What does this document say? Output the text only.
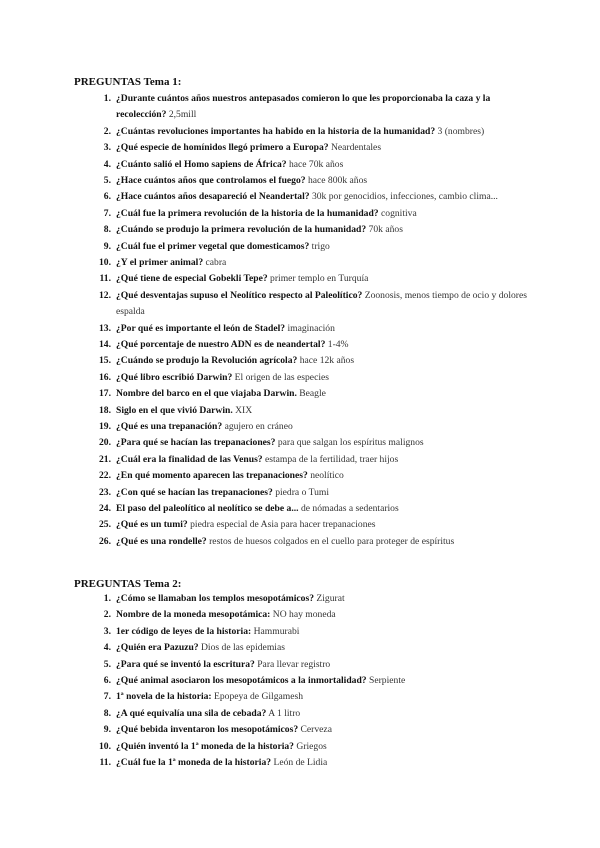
PREGUNTAS Tema 1:
1. ¿Durante cuántos años nuestros antepasados comieron lo que les proporcionaba la caza y la recolección? 2,5mill
2. ¿Cuántas revoluciones importantes ha habido en la historia de la humanidad? 3 (nombres)
3. ¿Qué especie de homínidos llegó primero a Europa? Neardentales
4. ¿Cuánto salió el Homo sapiens de África? hace 70k años
5. ¿Hace cuántos años que controlamos el fuego? hace 800k años
6. ¿Hace cuántos años desapareció el Neandertal? 30k por genocidios, infecciones, cambio clima...
7. ¿Cuál fue la primera revolución de la historia de la humanidad? cognitiva
8. ¿Cuándo se produjo la primera revolución de la humanidad? 70k años
9. ¿Cuál fue el primer vegetal que domesticamos? trigo
10. ¿Y el primer animal? cabra
11. ¿Qué tiene de especial Gobekli Tepe? primer templo en Turquía
12. ¿Qué desventajas supuso el Neolítico respecto al Paleolítico? Zoonosis, menos tiempo de ocio y dolores espalda
13. ¿Por qué es importante el león de Stadel? imaginación
14. ¿Qué porcentaje de nuestro ADN es de neandertal? 1-4%
15. ¿Cuándo se produjo la Revolución agrícola? hace 12k años
16. ¿Qué libro escribió Darwin? El origen de las especies
17. Nombre del barco en el que viajaba Darwin. Beagle
18. Siglo en el que vivió Darwin. XIX
19. ¿Qué es una trepanación? agujero en cráneo
20. ¿Para qué se hacían las trepanaciones? para que salgan los espíritus malignos
21. ¿Cuál era la finalidad de las Venus? estampa de la fertilidad, traer hijos
22. ¿En qué momento aparecen las trepanaciones? neolítico
23. ¿Con qué se hacían las trepanaciones? piedra o Tumi
24. El paso del paleolítico al neolítico se debe a... de nómadas a sedentarios
25. ¿Qué es un tumi? piedra especial de Asia para hacer trepanaciones
26. ¿Qué es una rondelle? restos de huesos colgados en el cuello para proteger de espíritus
PREGUNTAS Tema 2:
1. ¿Cómo se llamaban los templos mesopotámicos? Zigurat
2. Nombre de la moneda mesopotámica: NO hay moneda
3. 1er código de leyes de la historia: Hammurabi
4. ¿Quién era Pazuzu? Dios de las epidemias
5. ¿Para qué se inventó la escritura? Para llevar registro
6. ¿Qué animal asociaron los mesopotámicos a la inmortalidad? Serpiente
7. 1ª novela de la historia: Epopeya de Gilgamesh
8. ¿A qué equivalía una sila de cebada? A 1 litro
9. ¿Qué bebida inventaron los mesopotámicos? Cerveza
10. ¿Quién inventó la 1ª moneda de la historia? Griegos
11. ¿Cuál fue la 1ª moneda de la historia? León de Lidia
